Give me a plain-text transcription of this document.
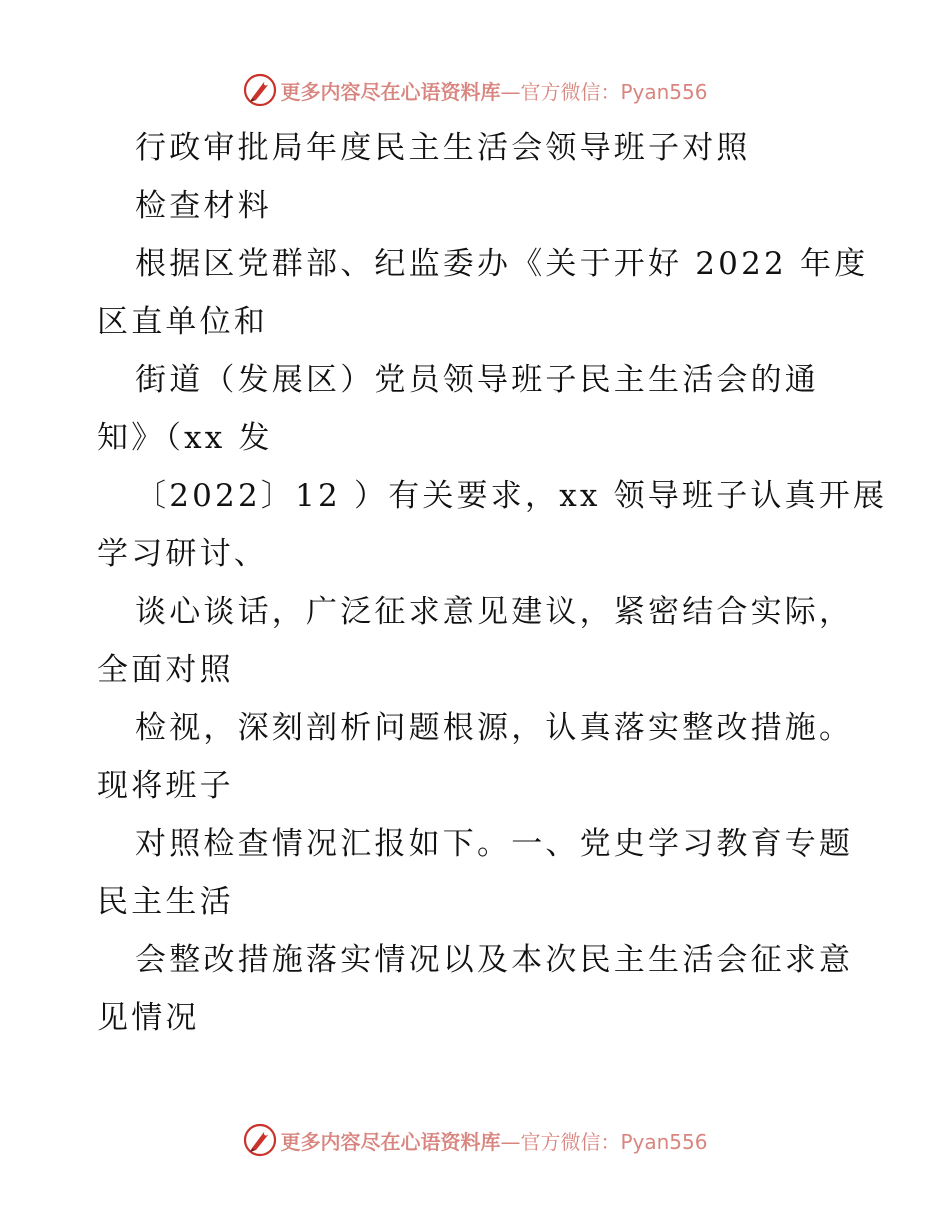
更多内容尽在心语资料库 —官方微信：Pyan556
行政审批局年度民主生活会领导班子对照
检查材料
根据区党群部、纪监委办《关于开好 2022 年度
区直单位和
街道（发展区）党员领导班子民主生活会的通
知》（xx 发
〔2022〕12 ）有关要求，xx 领导班子认真开展
学习研讨、
谈心谈话，广泛征求意见建议，紧密结合实际，
全面对照
检视，深刻剖析问题根源，认真落实整改措施。
现将班子
对照检查情况汇报如下。一、党史学习教育专题
民主生活
会整改措施落实情况以及本次民主生活会征求意
见情况
更多内容尽在心语资料库 —官方微信：Pyan556
